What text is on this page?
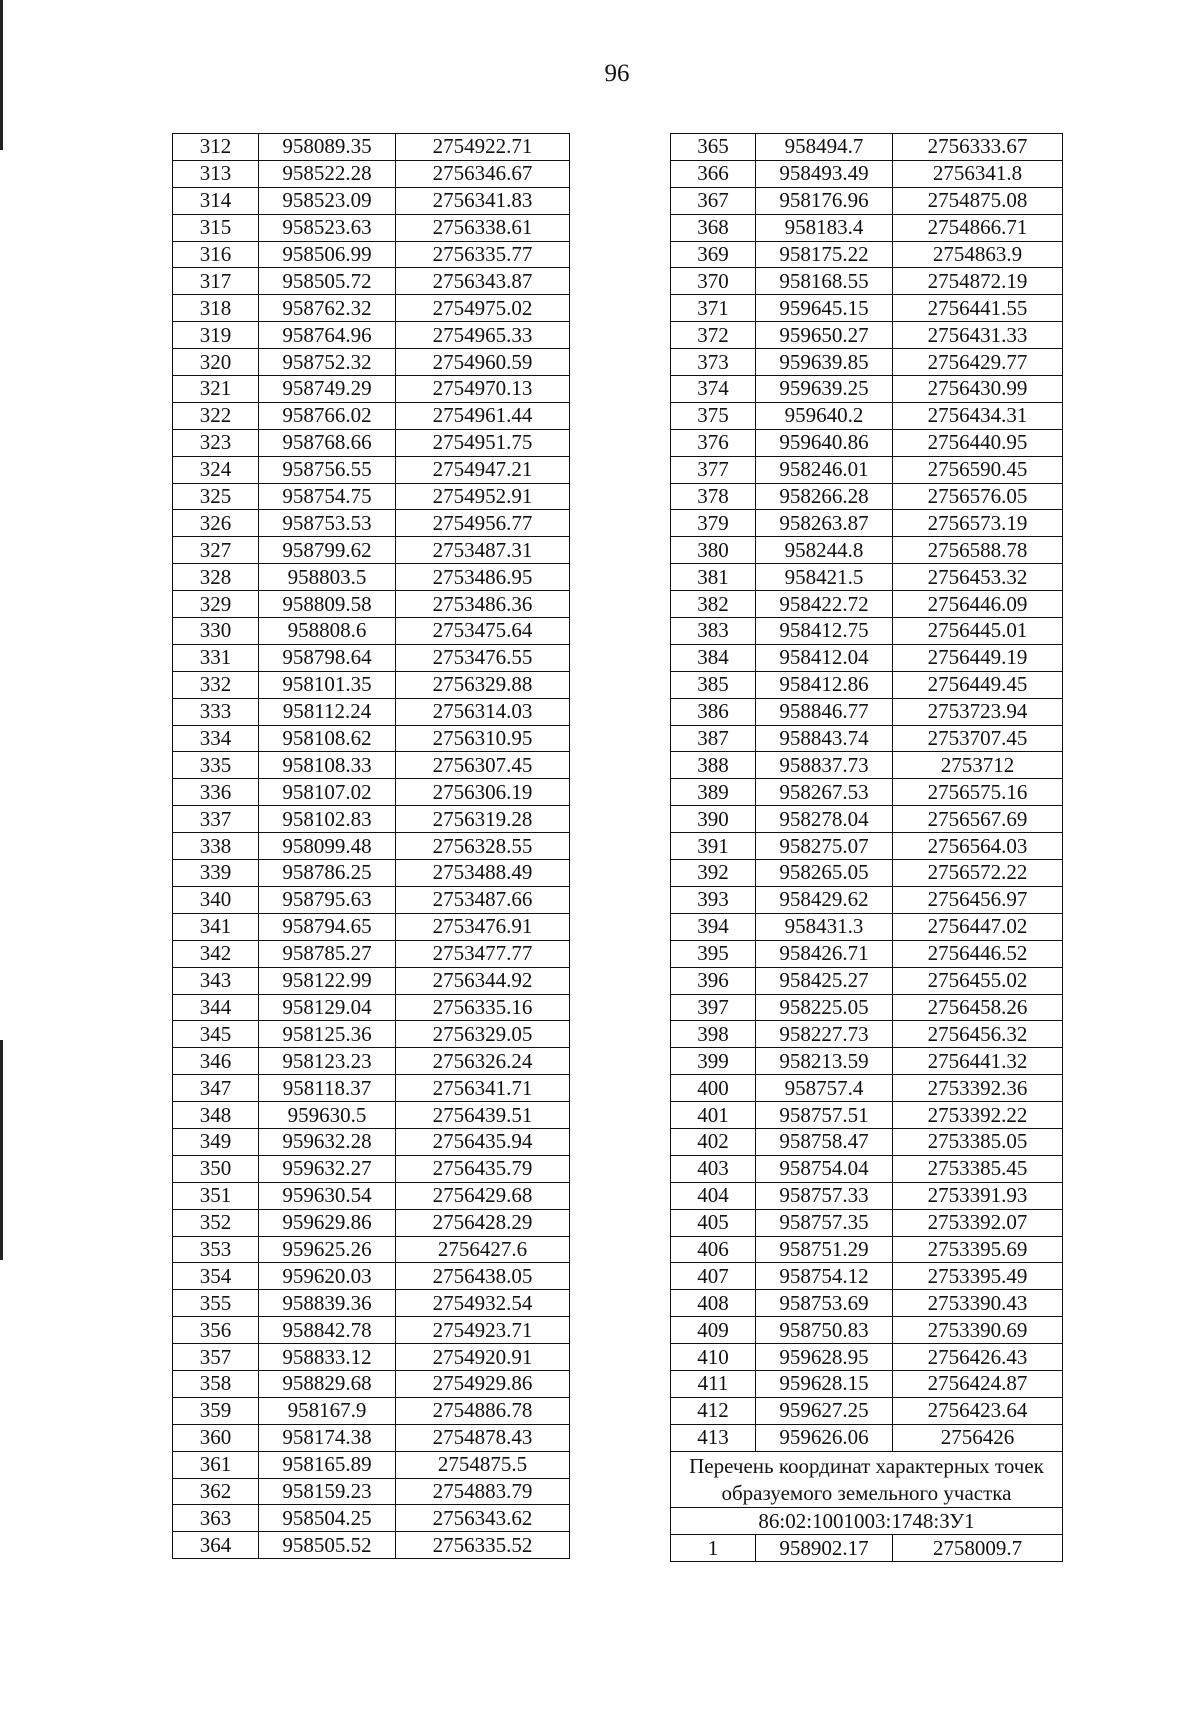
96
312	958089.35	2754922.71
313	958522.28	2756346.67
314	958523.09	2756341.83
315	958523.63	2756338.61
316	958506.99	2756335.77
317	958505.72	2756343.87
318	958762.32	2754975.02
319	958764.96	2754965.33
320	958752.32	2754960.59
321	958749.29	2754970.13
322	958766.02	2754961.44
323	958768.66	2754951.75
324	958756.55	2754947.21
325	958754.75	2754952.91
326	958753.53	2754956.77
327	958799.62	2753487.31
328	958803.5	2753486.95
329	958809.58	2753486.36
330	958808.6	2753475.64
331	958798.64	2753476.55
332	958101.35	2756329.88
333	958112.24	2756314.03
334	958108.62	2756310.95
335	958108.33	2756307.45
336	958107.02	2756306.19
337	958102.83	2756319.28
338	958099.48	2756328.55
339	958786.25	2753488.49
340	958795.63	2753487.66
341	958794.65	2753476.91
342	958785.27	2753477.77
343	958122.99	2756344.92
344	958129.04	2756335.16
345	958125.36	2756329.05
346	958123.23	2756326.24
347	958118.37	2756341.71
348	959630.5	2756439.51
349	959632.28	2756435.94
350	959632.27	2756435.79
351	959630.54	2756429.68
352	959629.86	2756428.29
353	959625.26	2756427.6
354	959620.03	2756438.05
355	958839.36	2754932.54
356	958842.78	2754923.71
357	958833.12	2754920.91
358	958829.68	2754929.86
359	958167.9	2754886.78
360	958174.38	2754878.43
361	958165.89	2754875.5
362	958159.23	2754883.79
363	958504.25	2756343.62
364	958505.52	2756335.52
365	958494.7	2756333.67
366	958493.49	2756341.8
367	958176.96	2754875.08
368	958183.4	2754866.71
369	958175.22	2754863.9
370	958168.55	2754872.19
371	959645.15	2756441.55
372	959650.27	2756431.33
373	959639.85	2756429.77
374	959639.25	2756430.99
375	959640.2	2756434.31
376	959640.86	2756440.95
377	958246.01	2756590.45
378	958266.28	2756576.05
379	958263.87	2756573.19
380	958244.8	2756588.78
381	958421.5	2756453.32
382	958422.72	2756446.09
383	958412.75	2756445.01
384	958412.04	2756449.19
385	958412.86	2756449.45
386	958846.77	2753723.94
387	958843.74	2753707.45
388	958837.73	2753712
389	958267.53	2756575.16
390	958278.04	2756567.69
391	958275.07	2756564.03
392	958265.05	2756572.22
393	958429.62	2756456.97
394	958431.3	2756447.02
395	958426.71	2756446.52
396	958425.27	2756455.02
397	958225.05	2756458.26
398	958227.73	2756456.32
399	958213.59	2756441.32
400	958757.4	2753392.36
401	958757.51	2753392.22
402	958758.47	2753385.05
403	958754.04	2753385.45
404	958757.33	2753391.93
405	958757.35	2753392.07
406	958751.29	2753395.69
407	958754.12	2753395.49
408	958753.69	2753390.43
409	958750.83	2753390.69
410	959628.95	2756426.43
411	959628.15	2756424.87
412	959627.25	2756423.64
413	959626.06	2756426
Перечень координат характерных точек образуемого земельного участка		
86:02:1001003:1748:ЗУ1		
1	958902.17	2758009.7
